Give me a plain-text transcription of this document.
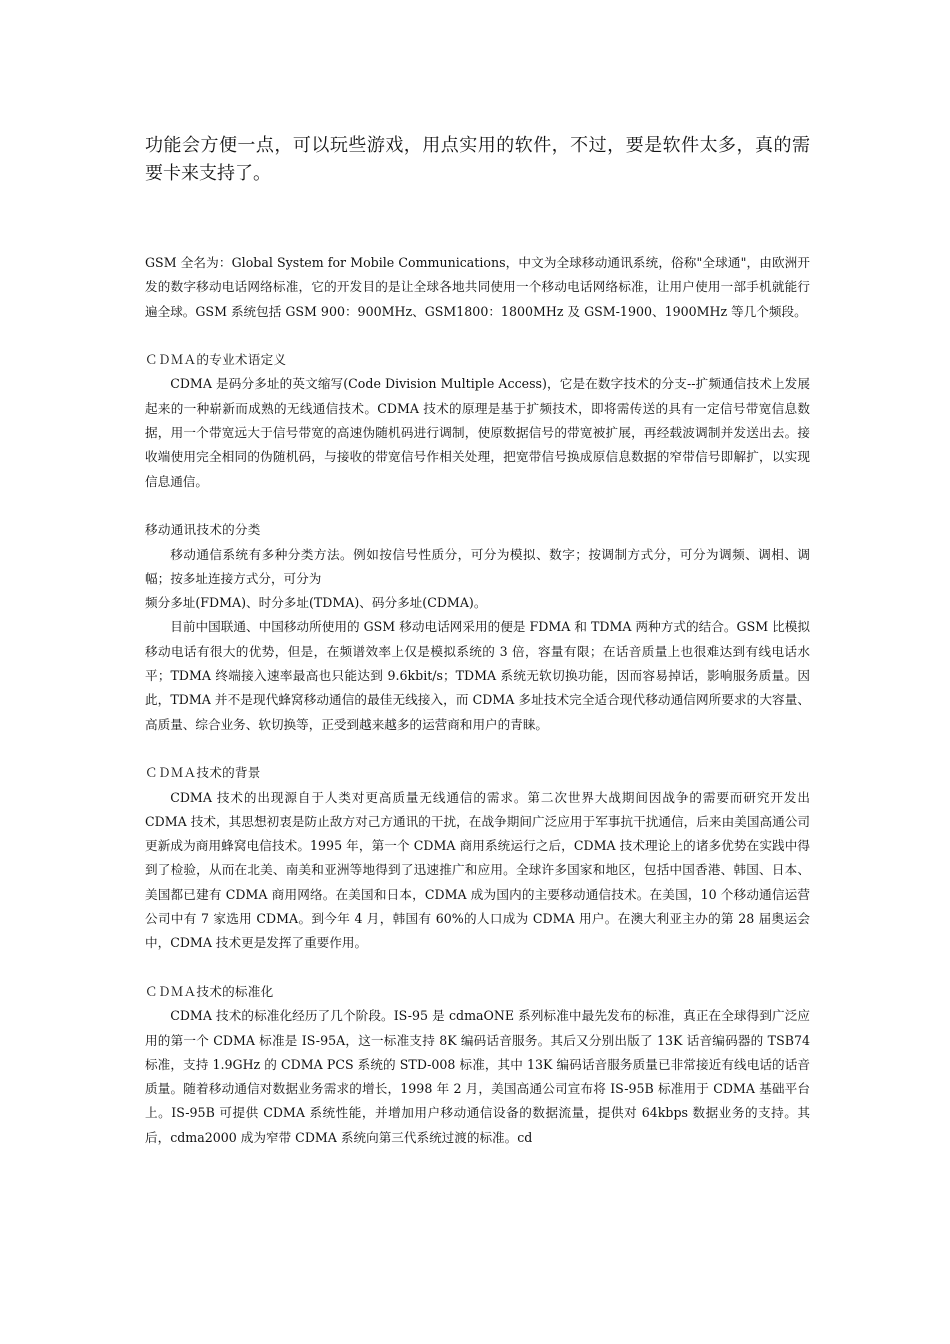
功能会方便一点，可以玩些游戏，用点实用的软件，不过，要是软件太多，真的需要卡来支持了。

GSM 全名为：Global System for Mobile Communications，中文为全球移动通讯系统，俗称"全球通"，由欧洲开发的数字移动电话网络标准，它的开发目的是让全球各地共同使用一个移动电话网络标准，让用户使用一部手机就能行遍全球。GSM 系统包括 GSM 900：900MHz、GSM1800：1800MHz 及 GSM-1900、1900MHz 等几个频段。

ＣＤＭＡ的专业术语定义

CDMA 是码分多址的英文缩写(Code Division Multiple Access)，它是在数字技术的分支--扩频通信技术上发展起来的一种崭新而成熟的无线通信技术。CDMA 技术的原理是基于扩频技术，即将需传送的具有一定信号带宽信息数据，用一个带宽远大于信号带宽的高速伪随机码进行调制，使原数据信号的带宽被扩展，再经载波调制并发送出去。接收端使用完全相同的伪随机码，与接收的带宽信号作相关处理，把宽带信号换成原信息数据的窄带信号即解扩，以实现信息通信。

移动通讯技术的分类

移动通信系统有多种分类方法。例如按信号性质分，可分为模拟、数字；按调制方式分，可分为调频、调相、调幅；按多址连接方式分，可分为

频分多址(FDMA)、时分多址(TDMA)、码分多址(CDMA)。

目前中国联通、中国移动所使用的 GSM 移动电话网采用的便是 FDMA 和 TDMA 两种方式的结合。GSM 比模拟移动电话有很大的优势，但是，在频谱效率上仅是模拟系统的 3 倍，容量有限；在话音质量上也很难达到有线电话水平；TDMA 终端接入速率最高也只能达到 9.6kbit/s；TDMA 系统无软切换功能，因而容易掉话，影响服务质量。因此，TDMA 并不是现代蜂窝移动通信的最佳无线接入，而 CDMA 多址技术完全适合现代移动通信网所要求的大容量、高质量、综合业务、软切换等，正受到越来越多的运营商和用户的青睐。

ＣＤＭＡ技术的背景

CDMA 技术的出现源自于人类对更高质量无线通信的需求。第二次世界大战期间因战争的需要而研究开发出 CDMA 技术，其思想初衷是防止敌方对己方通讯的干扰，在战争期间广泛应用于军事抗干扰通信，后来由美国高通公司更新成为商用蜂窝电信技术。1995 年，第一个 CDMA 商用系统运行之后，CDMA 技术理论上的诸多优势在实践中得到了检验，从而在北美、南美和亚洲等地得到了迅速推广和应用。全球许多国家和地区，包括中国香港、韩国、日本、美国都已建有 CDMA 商用网络。在美国和日本，CDMA 成为国内的主要移动通信技术。在美国，10 个移动通信运营公司中有 7 家选用 CDMA。到今年 4 月，韩国有 60%的人口成为 CDMA 用户。在澳大利亚主办的第 28 届奥运会中，CDMA 技术更是发挥了重要作用。

ＣＤＭＡ技术的标准化

CDMA 技术的标准化经历了几个阶段。IS-95 是 cdmaONE 系列标准中最先发布的标准，真正在全球得到广泛应用的第一个 CDMA 标准是 IS-95A，这一标准支持 8K 编码话音服务。其后又分别出版了 13K 话音编码器的 TSB74 标准，支持 1.9GHz 的 CDMA PCS 系统的 STD-008 标准，其中 13K 编码话音服务质量已非常接近有线电话的话音质量。随着移动通信对数据业务需求的增长，1998 年 2 月，美国高通公司宣布将 IS-95B 标准用于 CDMA 基础平台上。IS-95B 可提供 CDMA 系统性能，并增加用户移动通信设备的数据流量，提供对 64kbps 数据业务的支持。其后，cdma2000 成为窄带 CDMA 系统向第三代系统过渡的标准。cd
